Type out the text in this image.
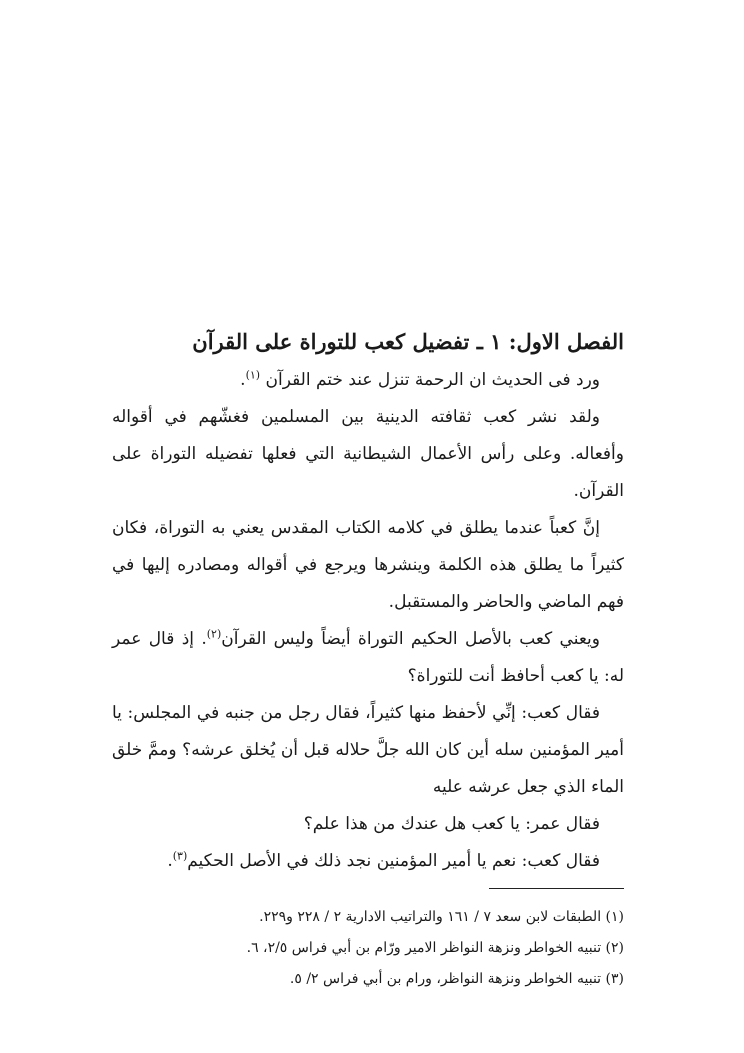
الفصل الاول: ١ ـ تفضيل كعب للتوراة على القرآن

ورد فى الحديث ان الرحمة تنزل عند ختم القرآن $^{(١)}$.

ولقد نشر كعب ثقافته الدينية بين المسلمين فغشّهم في أقواله وأفعاله. وعلى رأس الأعمال الشيطانية التي فعلها تفضيله التوراة على القرآن.

إنَّ كعباً عندما يطلق في كلامه الكتاب المقدس يعني به التوراة، فكان كثيراً ما يطلق هذه الكلمة وينشرها ويرجع في أقواله ومصادره إليها في فهم الماضي والحاضر والمستقبل.

ويعني كعب بالأصل الحكيم التوراة أيضاً وليس القرآن$^{(٢)}$. إذ قال عمر له: يا كعب أحافظ أنت للتوراة؟

فقال كعب: إنِّي لأحفظ منها كثيراً، فقال رجل من جنبه في المجلس: يا أمير المؤمنين سله أين كان الله جلَّ حلاله قبل أن يُخلق عرشه؟ وممَّ خلق الماء الذي جعل عرشه عليه

فقال عمر: يا كعب هل عندك من هذا علم؟

فقال كعب: نعم يا أمير المؤمنين نجد ذلك في الأصل الحكيم$^{(٣)}$.

(١) الطبقات لابن سعد ٧ / ١٦١ والتراتيب الادارية ٢ / ٢٢٨ و٢٢٩.

(٢) تنبيه الخواطر ونزهة النواظر الامير ورّام بن أبي فراس ٢/٥، ٦.

(٣) تنبيه الخواطر ونزهة النواظر، ورام بن أبي فراس ٢/ ٥.
